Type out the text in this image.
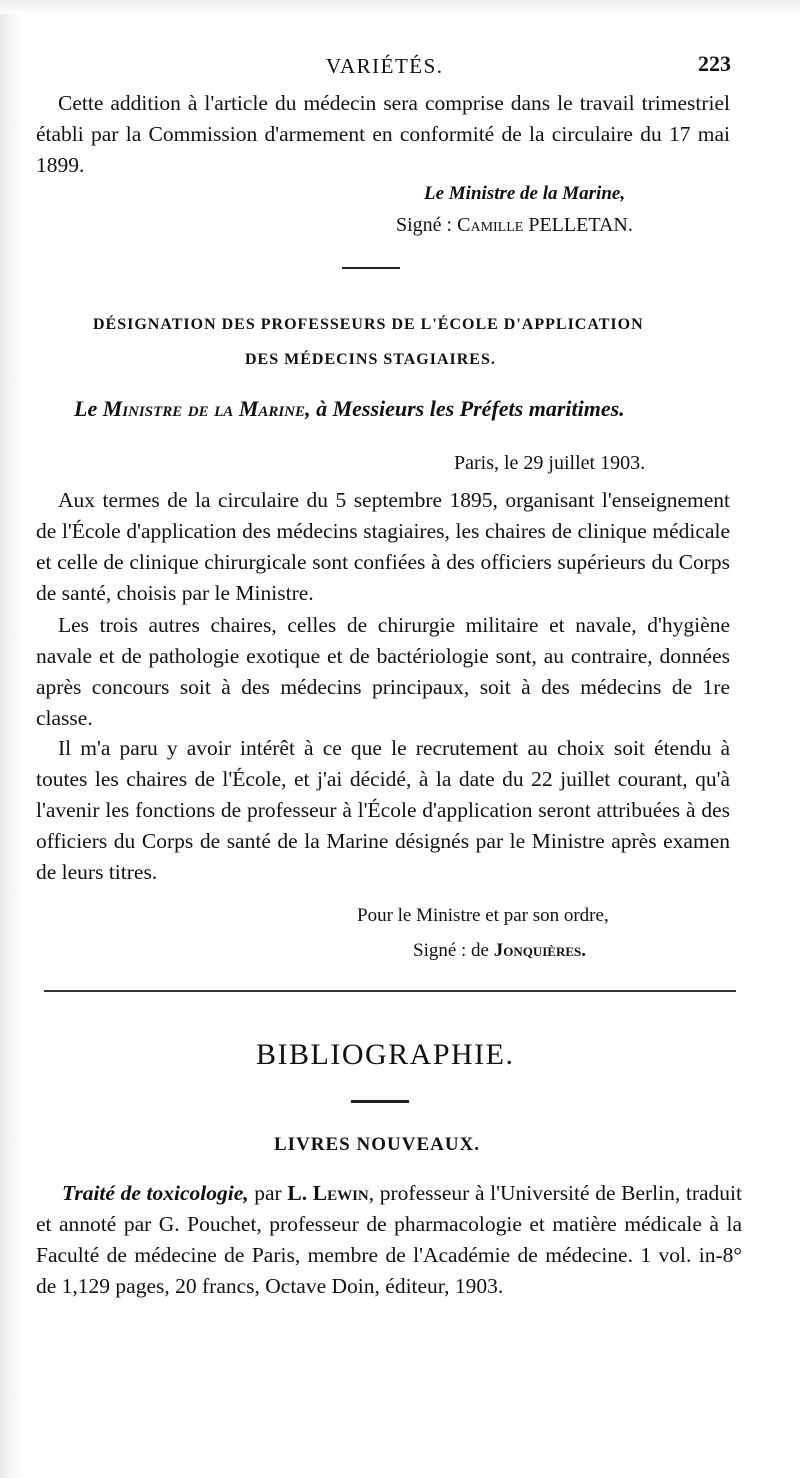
VARIÉTÉS.	223

Cette addition à l'article du médecin sera comprise dans le travail trimestriel établi par la Commission d'armement en conformité de la circulaire du 17 mai 1899.

Le Ministre de la Marine,
Signé : Camille PELLETAN.
DÉSIGNATION DES PROFESSEURS DE L'ÉCOLE D'APPLICATION
DES MÉDECINS STAGIAIRES.
Le Ministre de la Marine, à Messieurs les Préfets maritimes.
Paris, le 29 juillet 1903.

Aux termes de la circulaire du 5 septembre 1895, organisant l'enseignement de l'École d'application des médecins stagiaires, les chaires de clinique médicale et celle de clinique chirurgicale sont confiées à des officiers supérieurs du Corps de santé, choisis par le Ministre.

Les trois autres chaires, celles de chirurgie militaire et navale, d'hygiène navale et de pathologie exotique et de bactériologie sont, au contraire, données après concours soit à des médecins principaux, soit à des médecins de 1re classe.

Il m'a paru y avoir intérêt à ce que le recrutement au choix soit étendu à toutes les chaires de l'École, et j'ai décidé, à la date du 22 juillet courant, qu'à l'avenir les fonctions de professeur à l'École d'application seront attribuées à des officiers du Corps de santé de la Marine désignés par le Ministre après examen de leurs titres.

Pour le Ministre et par son ordre,
Signé : de Jonquières.
BIBLIOGRAPHIE.
LIVRES NOUVEAUX.

Traité de toxicologie, par L. Lewin, professeur à l'Université de Berlin, traduit et annoté par G. Pouchet, professeur de pharmacologie et matière médicale à la Faculté de médecine de Paris, membre de l'Académie de médecine. 1 vol. in-8° de 1,129 pages, 20 francs, Octave Doin, éditeur, 1903.
